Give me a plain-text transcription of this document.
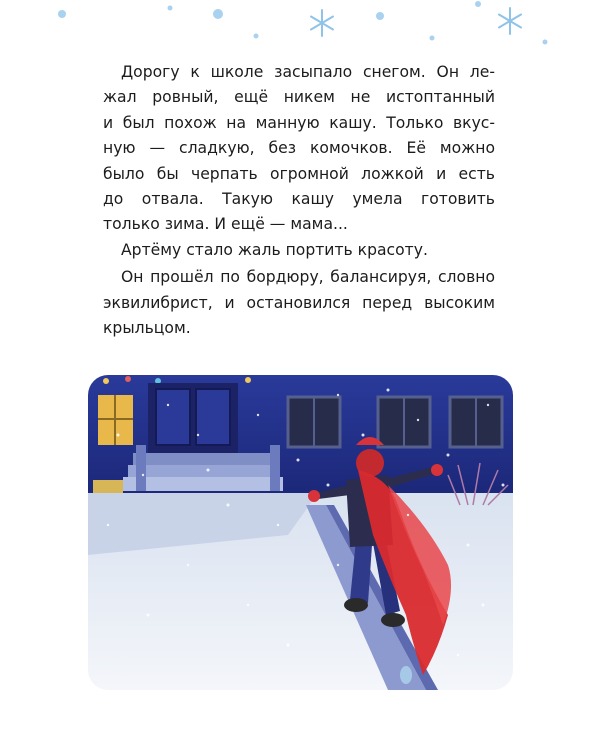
Дорогу к школе засыпало снегом. Он ле-
жал ровный, ещё никем не истоптанный
и был похож на манную кашу. Только вкус-
ную — сладкую, без комочков. Её можно
было бы черпать огромной ложкой и есть
до отвала. Такую кашу умела готовить
только зима. И ещё — мама...
Артёму стало жаль портить красоту.
Он прошёл по бордюру, балансируя, словно
эквилибрист, и остановился перед высоким
крыльцом.
